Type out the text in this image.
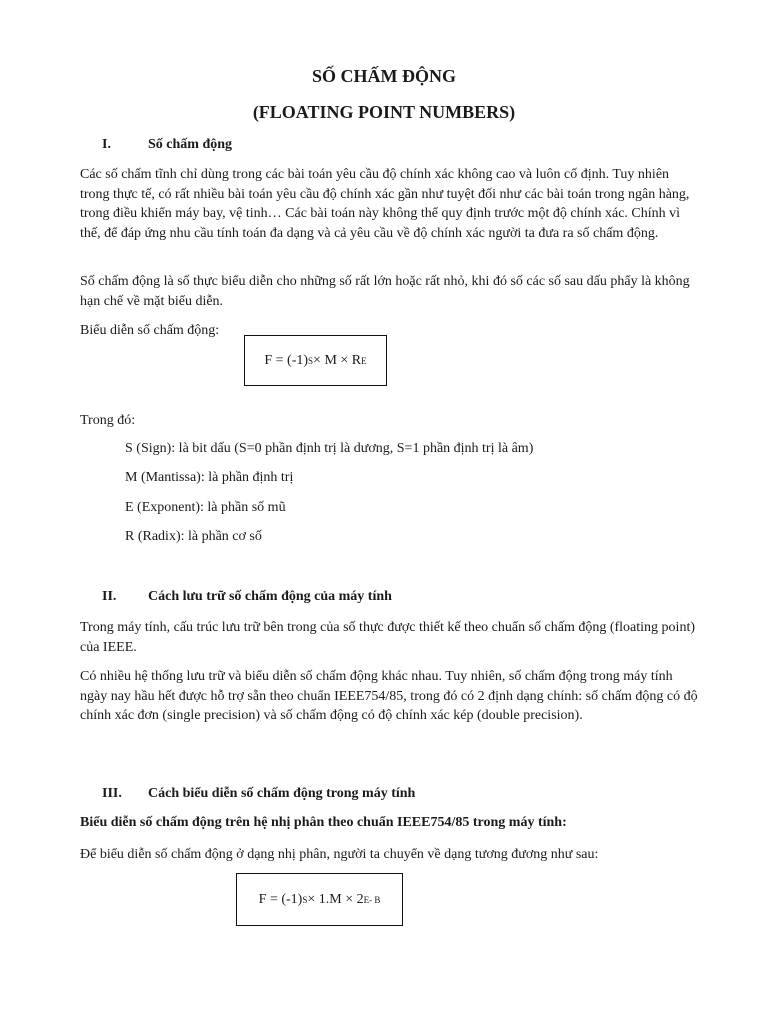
SỐ CHẤM ĐỘNG
(FLOATING POINT NUMBERS)
I.	Số chấm động

Các số chấm tĩnh chỉ dùng trong các bài toán yêu cầu độ chính xác không cao và luôn cố định. Tuy nhiên trong thực tế, có rất nhiều bài toán yêu cầu độ chính xác gần như tuyệt đối như các bài toán trong ngân hàng, trong điều khiển máy bay, vệ tinh… Các bài toán này không thể quy định trước một độ chính xác. Chính vì thế, để đáp ứng nhu cầu tính toán đa dạng và cả yêu cầu về độ chính xác người ta đưa ra số chấm động.

Số chấm động là số thực biểu diễn cho những số rất lớn hoặc rất nhỏ, khi đó số các số sau dấu phẩy là không hạn chế về mặt biểu diễn.

Biểu diễn số chấm động:

F = (-1) S × M × R E

Trong đó:

S (Sign): là bit dấu (S=0 phần định trị là dương, S=1 phần định trị là âm)
M (Mantissa): là phần định trị
E (Exponent): là phần số mũ
R (Radix): là phần cơ số
II. Cách lưu trữ số chấm động của máy tính

Trong máy tính, cấu trúc lưu trữ bên trong của số thực được thiết kế theo chuẩn số chấm động (floating point) của IEEE.

Có nhiều hệ thống lưu trữ và biểu diễn số chấm động khác nhau. Tuy nhiên, số chấm động trong máy tính ngày nay hầu hết được hỗ trợ sẵn theo chuẩn IEEE754/85, trong đó có 2 định dạng chính: số chấm động có độ chính xác đơn (single precision) và số chấm động có độ chính xác kép (double precision).

III. Cách biểu diễn số chấm động trong máy tính
Biểu diễn số chấm động trên hệ nhị phân theo chuẩn IEEE754/85 trong máy tính:

Để biểu diễn số chấm động ở dạng nhị phân, người ta chuyển về dạng tương đương như sau:

F = (-1) S × 1.M × 2 E- B
